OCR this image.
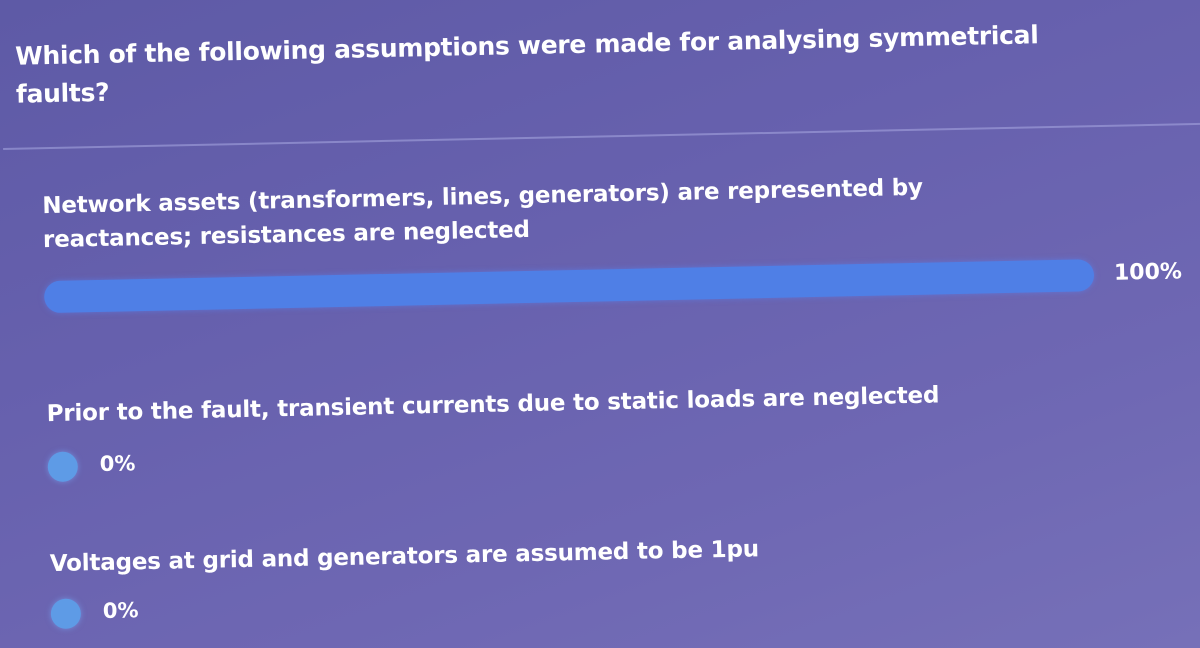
Which of the following assumptions were made for analysing symmetrical faults?
Network assets (transformers, lines, generators) are represented by reactances; resistances are neglected
100%
Prior to the fault, transient currents due to static loads are neglected
0%
Voltages at grid and generators are assumed to be 1pu
0%
